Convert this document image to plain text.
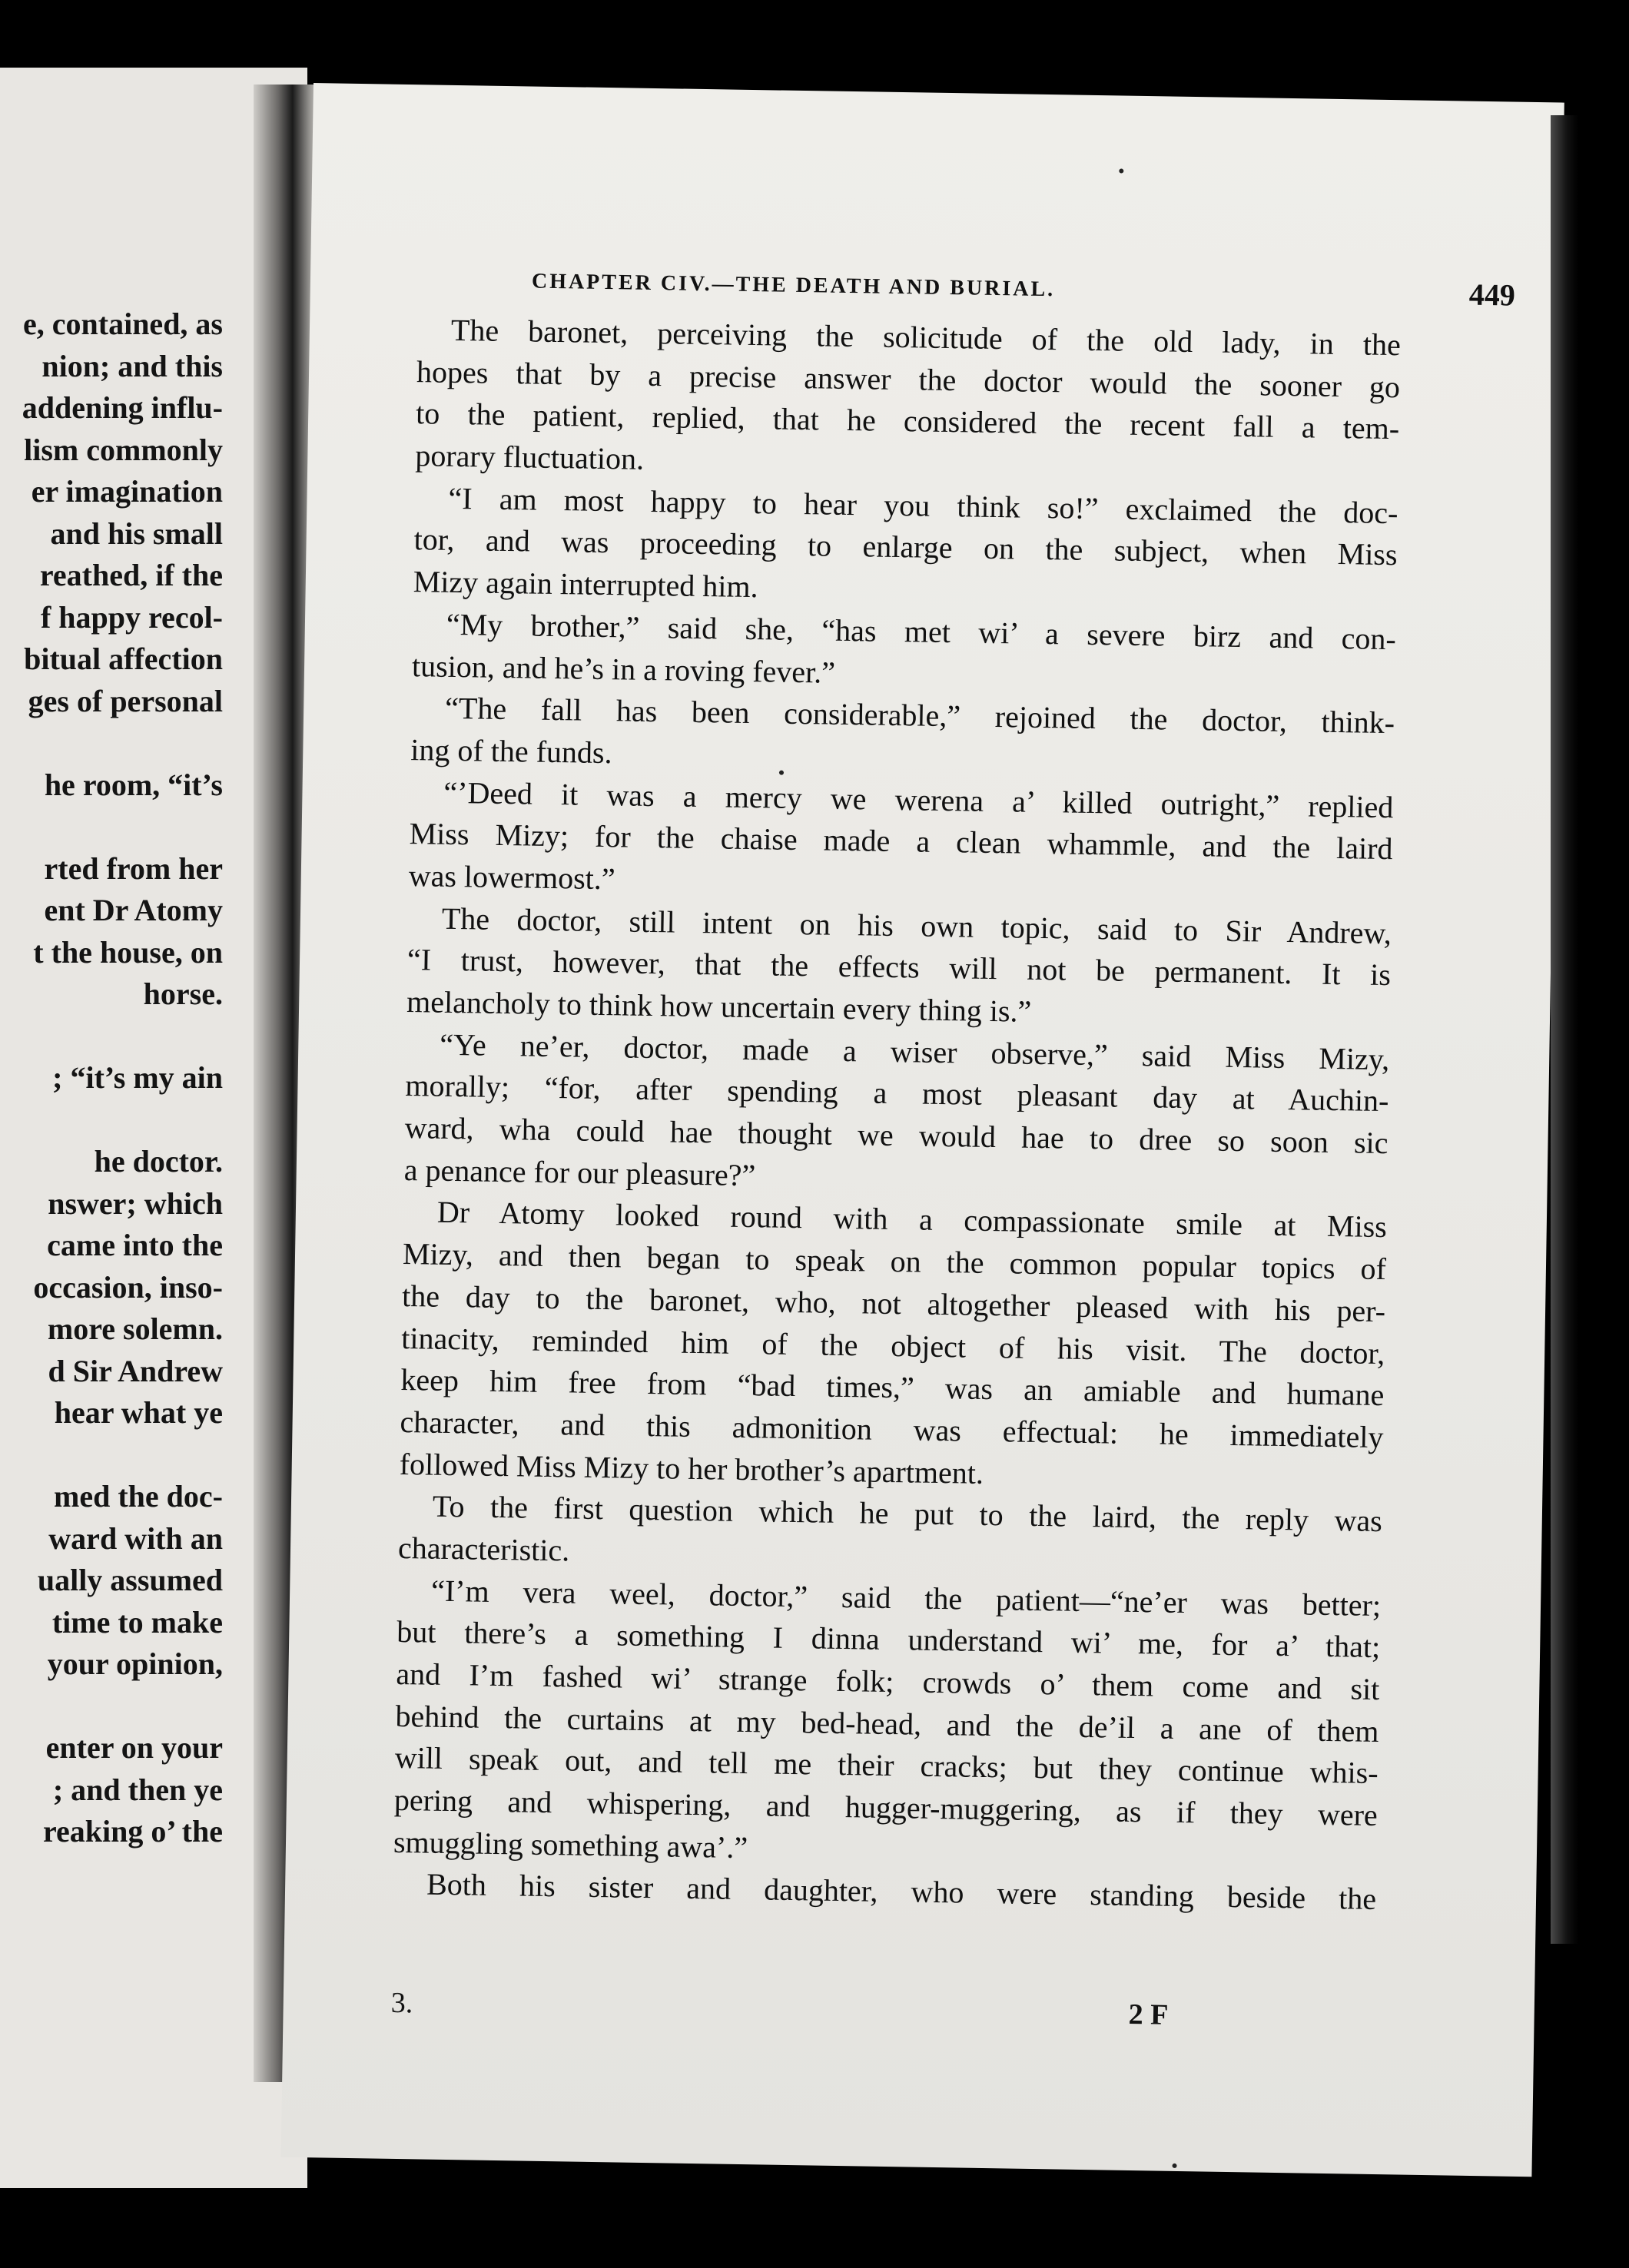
e, contained, as
nion; and this
addening influ-
lism commonly
er imagination
and his small
reathed, if the
f happy recol-
bitual affection
ges of personal
he room, “it’s
rted from her
ent Dr Atomy
t the house, on
horse.
; “it’s my ain
he doctor.
nswer; which
came into the
occasion, inso-
more solemn.
d Sir Andrew
hear what ye
med the doc-
ward with an
ually assumed
time to make
your opinion,
enter on your
; and then ye
reaking o’ the
CHAPTER CIV.—THE DEATH AND BURIAL.	449
The baronet, perceiving the solicitude of the old lady, in the
hopes that by a precise answer the doctor would the sooner go
to the patient, replied, that he considered the recent fall a tem-
porary fluctuation.
“I am most happy to hear you think so!” exclaimed the doc-
tor, and was proceeding to enlarge on the subject, when Miss
Mizy again interrupted him.
“My brother,” said she, “has met wi’ a severe birz and con-
tusion, and he’s in a roving fever.”
“The fall has been considerable,” rejoined the doctor, think-
ing of the funds.
“’Deed it was a mercy we werena a’ killed outright,” replied
Miss Mizy; for the chaise made a clean whammle, and the laird
was lowermost.”
The doctor, still intent on his own topic, said to Sir Andrew,
“I trust, however, that the effects will not be permanent. It is
melancholy to think how uncertain every thing is.”
“Ye ne’er, doctor, made a wiser observe,” said Miss Mizy,
morally; “for, after spending a most pleasant day at Auchin-
ward, wha could hae thought we would hae to dree so soon sic
a penance for our pleasure?”
Dr Atomy looked round with a compassionate smile at Miss
Mizy, and then began to speak on the common popular topics of
the day to the baronet, who, not altogether pleased with his per-
tinacity, reminded him of the object of his visit. The doctor,
keep him free from “bad times,” was an amiable and humane
character, and this admonition was effectual: he immediately
followed Miss Mizy to her brother’s apartment.
To the first question which he put to the laird, the reply was
characteristic.
“I’m vera weel, doctor,” said the patient—“ne’er was better;
but there’s a something I dinna understand wi’ me, for a’ that;
and I’m fashed wi’ strange folk; crowds o’ them come and sit
behind the curtains at my bed-head, and the de’il a ane of them
will speak out, and tell me their cracks; but they continue whis-
pering and whispering, and hugger-muggering, as if they were
smuggling something awa’.”
Both his sister and daughter, who were standing beside the
3.	2 F
